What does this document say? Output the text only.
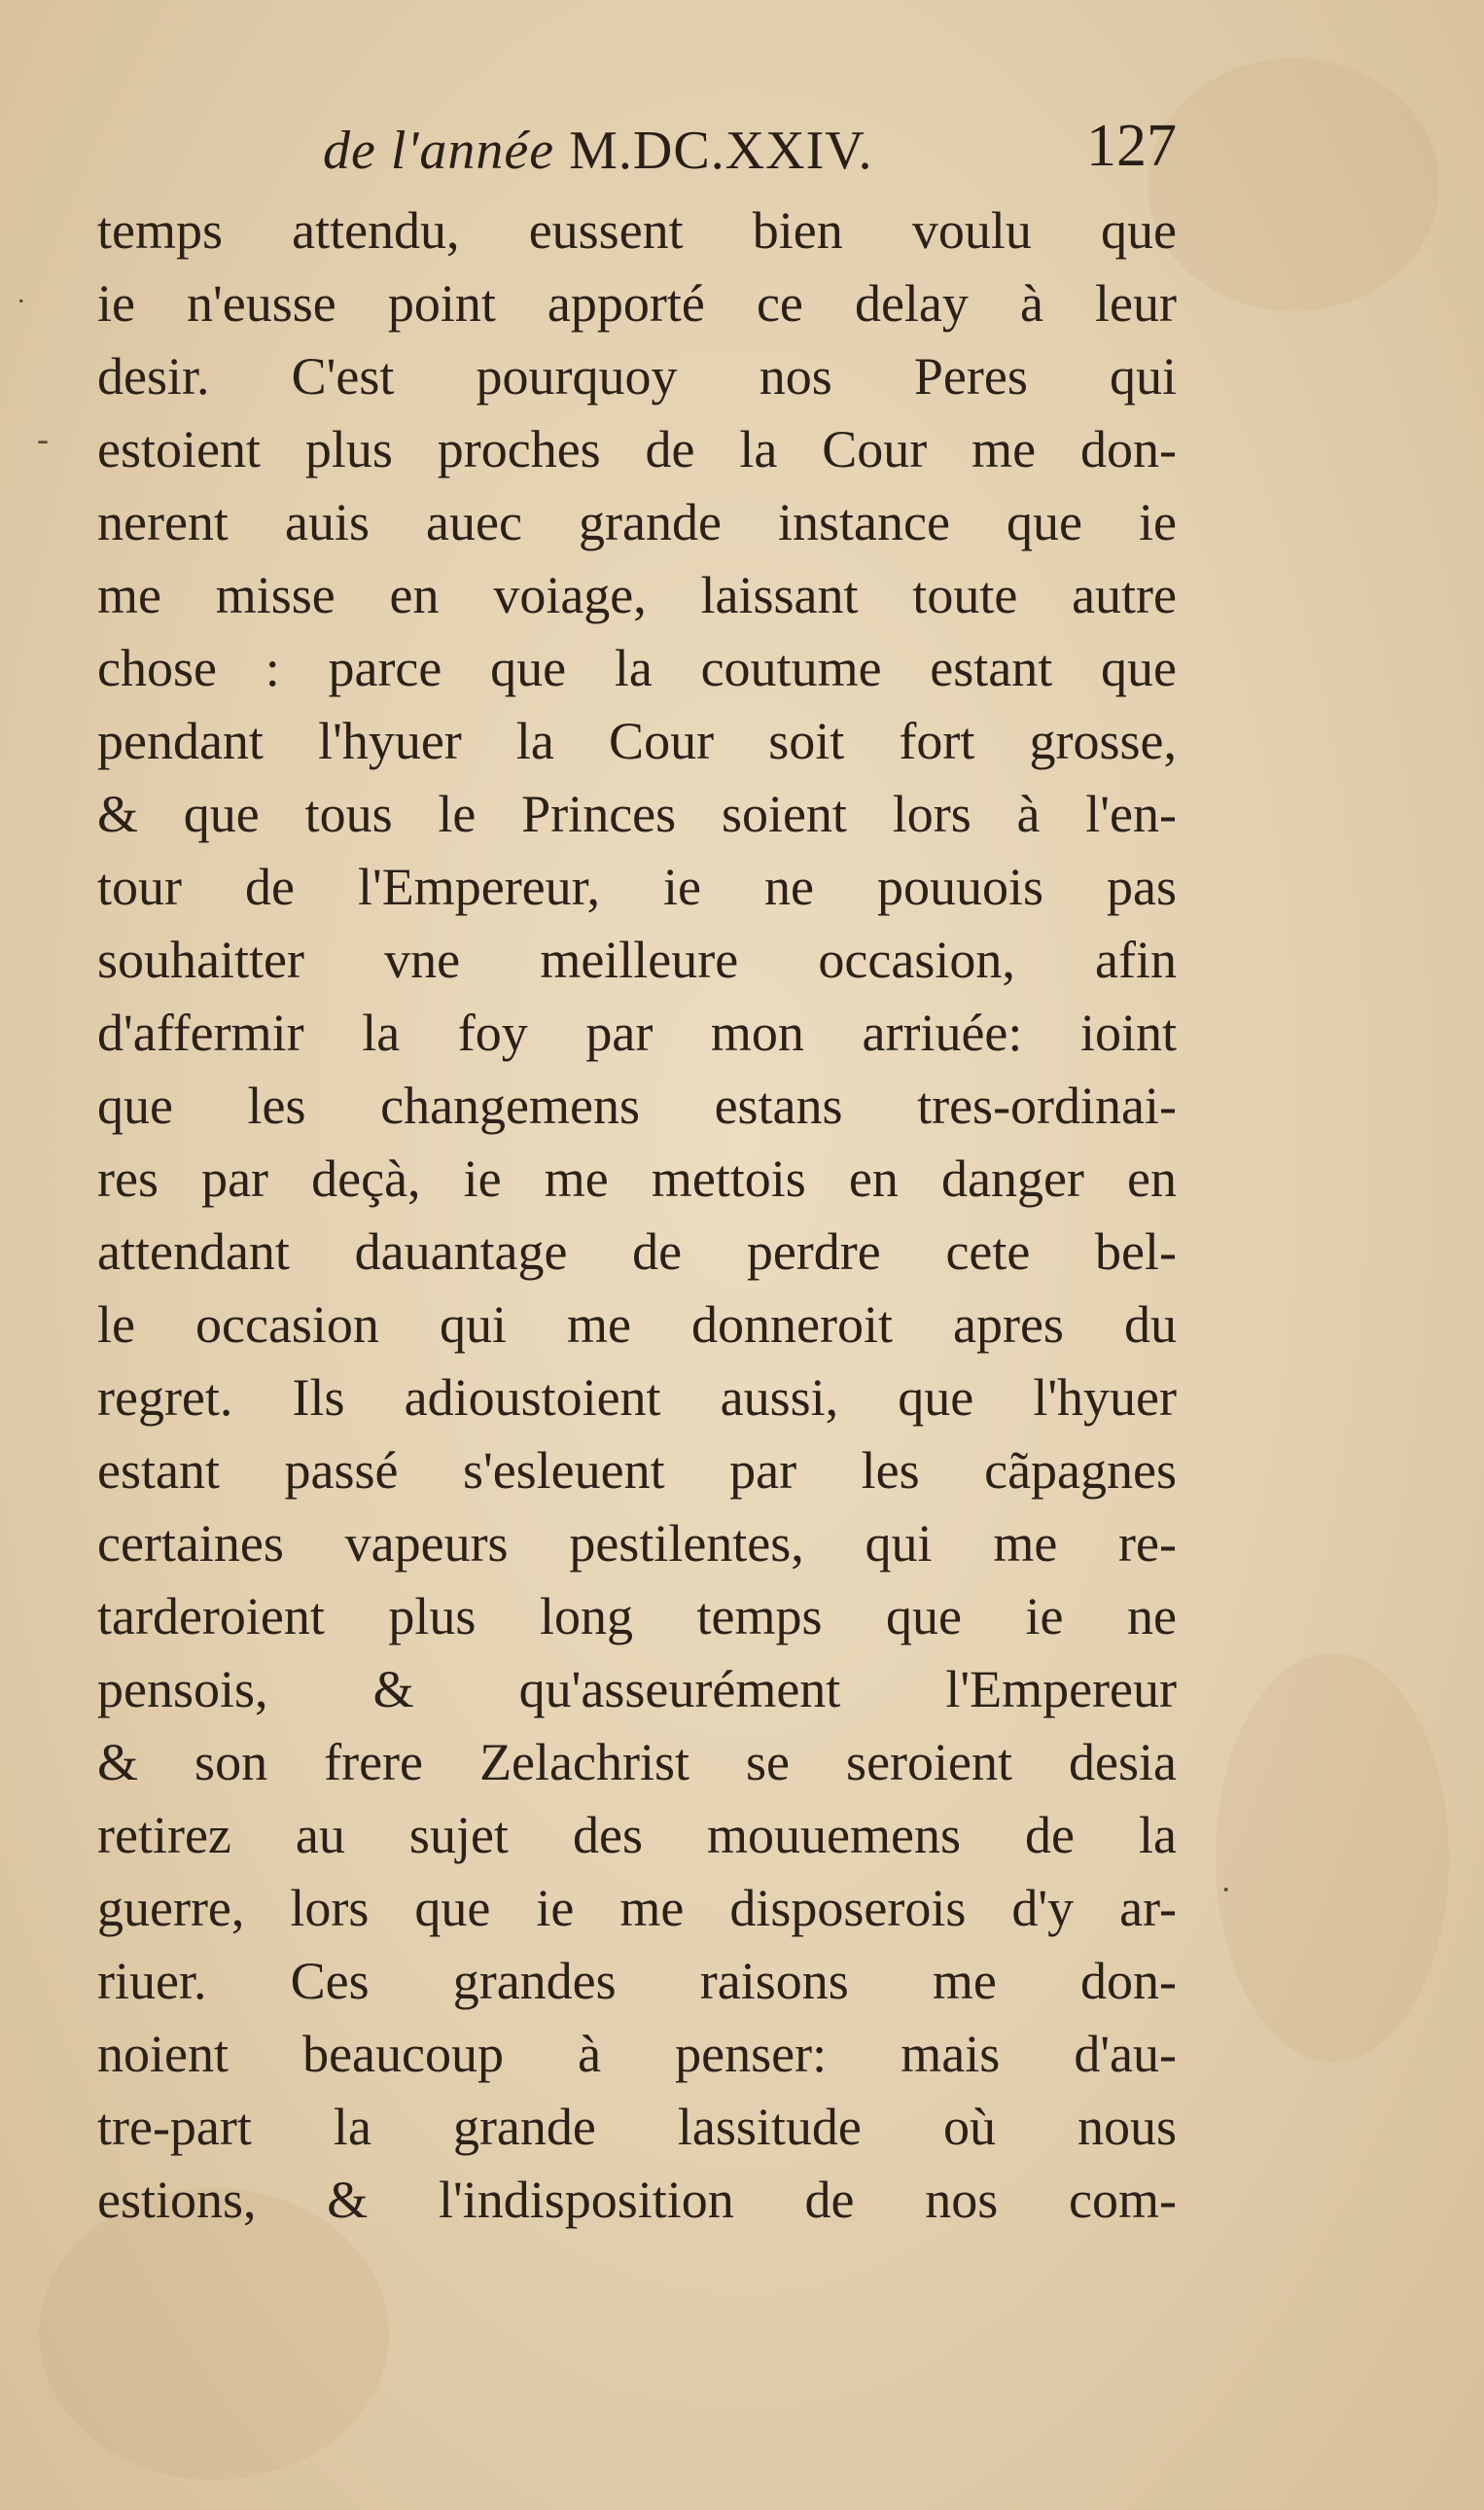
de l'année M.DC.XXIV.	127
temps attendu, eussent bien voulu que
ie n'eusse point apporté ce delay à leur
desir. C'est pourquoy nos Peres qui
estoient plus proches de la Cour me don-
nerent auis auec grande instance que ie
me misse en voiage, laissant toute autre
chose : parce que la coutume estant que
pendant l'hyuer la Cour soit fort grosse,
& que tous le Princes soient lors à l'en-
tour de l'Empereur, ie ne pouuois pas
souhaitter vne meilleure occasion, afin
d'affermir la foy par mon arriuée: ioint
que les changemens estans tres-ordinai-
res par deçà, ie me mettois en danger en
attendant dauantage de perdre cete bel-
le occasion qui me donneroit apres du
regret. Ils adioustoient aussi, que l'hyuer
estant passé s'esleuent par les cãpagnes
certaines vapeurs pestilentes, qui me re-
tarderoient plus long temps que ie ne
pensois, & qu'asseurément l'Empereur
& son frere Zelachrist se seroient desia
retirez au sujet des mouuemens de la
guerre, lors que ie me disposerois d'y ar-
riuer. Ces grandes raisons me don-
noient beaucoup à penser: mais d'au-
tre-part la grande lassitude où nous
estions, & l'indisposition de nos com-
.
-
·
